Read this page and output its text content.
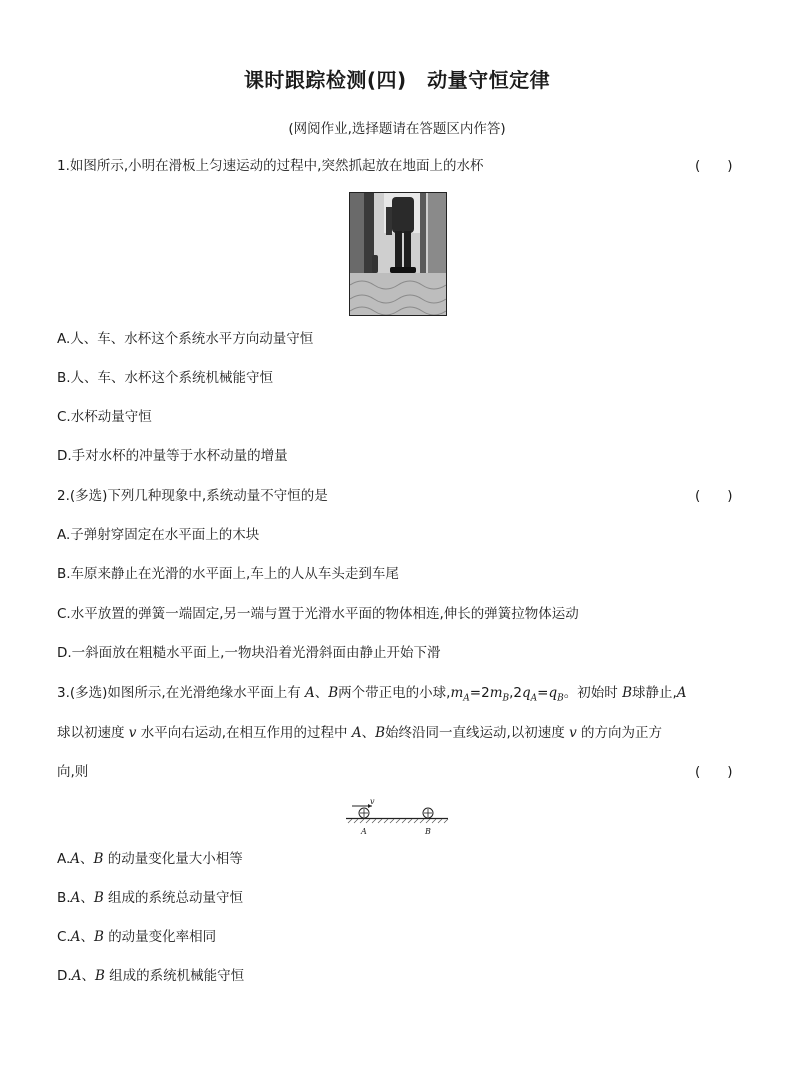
课时跟踪检测(四)　动量守恒定律
(网阅作业,选择题请在答题区内作答)
1.如图所示,小明在滑板上匀速运动的过程中,突然抓起放在地面上的水杯	(　　)
A.人、车、水杯这个系统水平方向动量守恒
B.人、车、水杯这个系统机械能守恒
C.水杯动量守恒
D.手对水杯的冲量等于水杯动量的增量
2.(多选)下列几种现象中,系统动量不守恒的是	(　　)
A.子弹射穿固定在水平面上的木块
B.车原来静止在光滑的水平面上,车上的人从车头走到车尾
C.水平放置的弹簧一端固定,另一端与置于光滑水平面的物体相连,伸长的弹簧拉物体运动
D.一斜面放在粗糙水平面上,一物块沿着光滑斜面由静止开始下滑
3.(多选)如图所示,在光滑绝缘水平面上有 A、B两个带正电的小球$,m_A=2m_B,2q_A=q_B$。初始时 B球静止,A
球以初速度 v 水平向右运动,在相互作用的过程中 A、B始终沿同一直线运动,以初速度 v 的方向为正方
向,则	(　　)
v
A	B
A.A、B 的动量变化量大小相等
B.A、B 组成的系统总动量守恒
C.A、B 的动量变化率相同
D.A、B 组成的系统机械能守恒
